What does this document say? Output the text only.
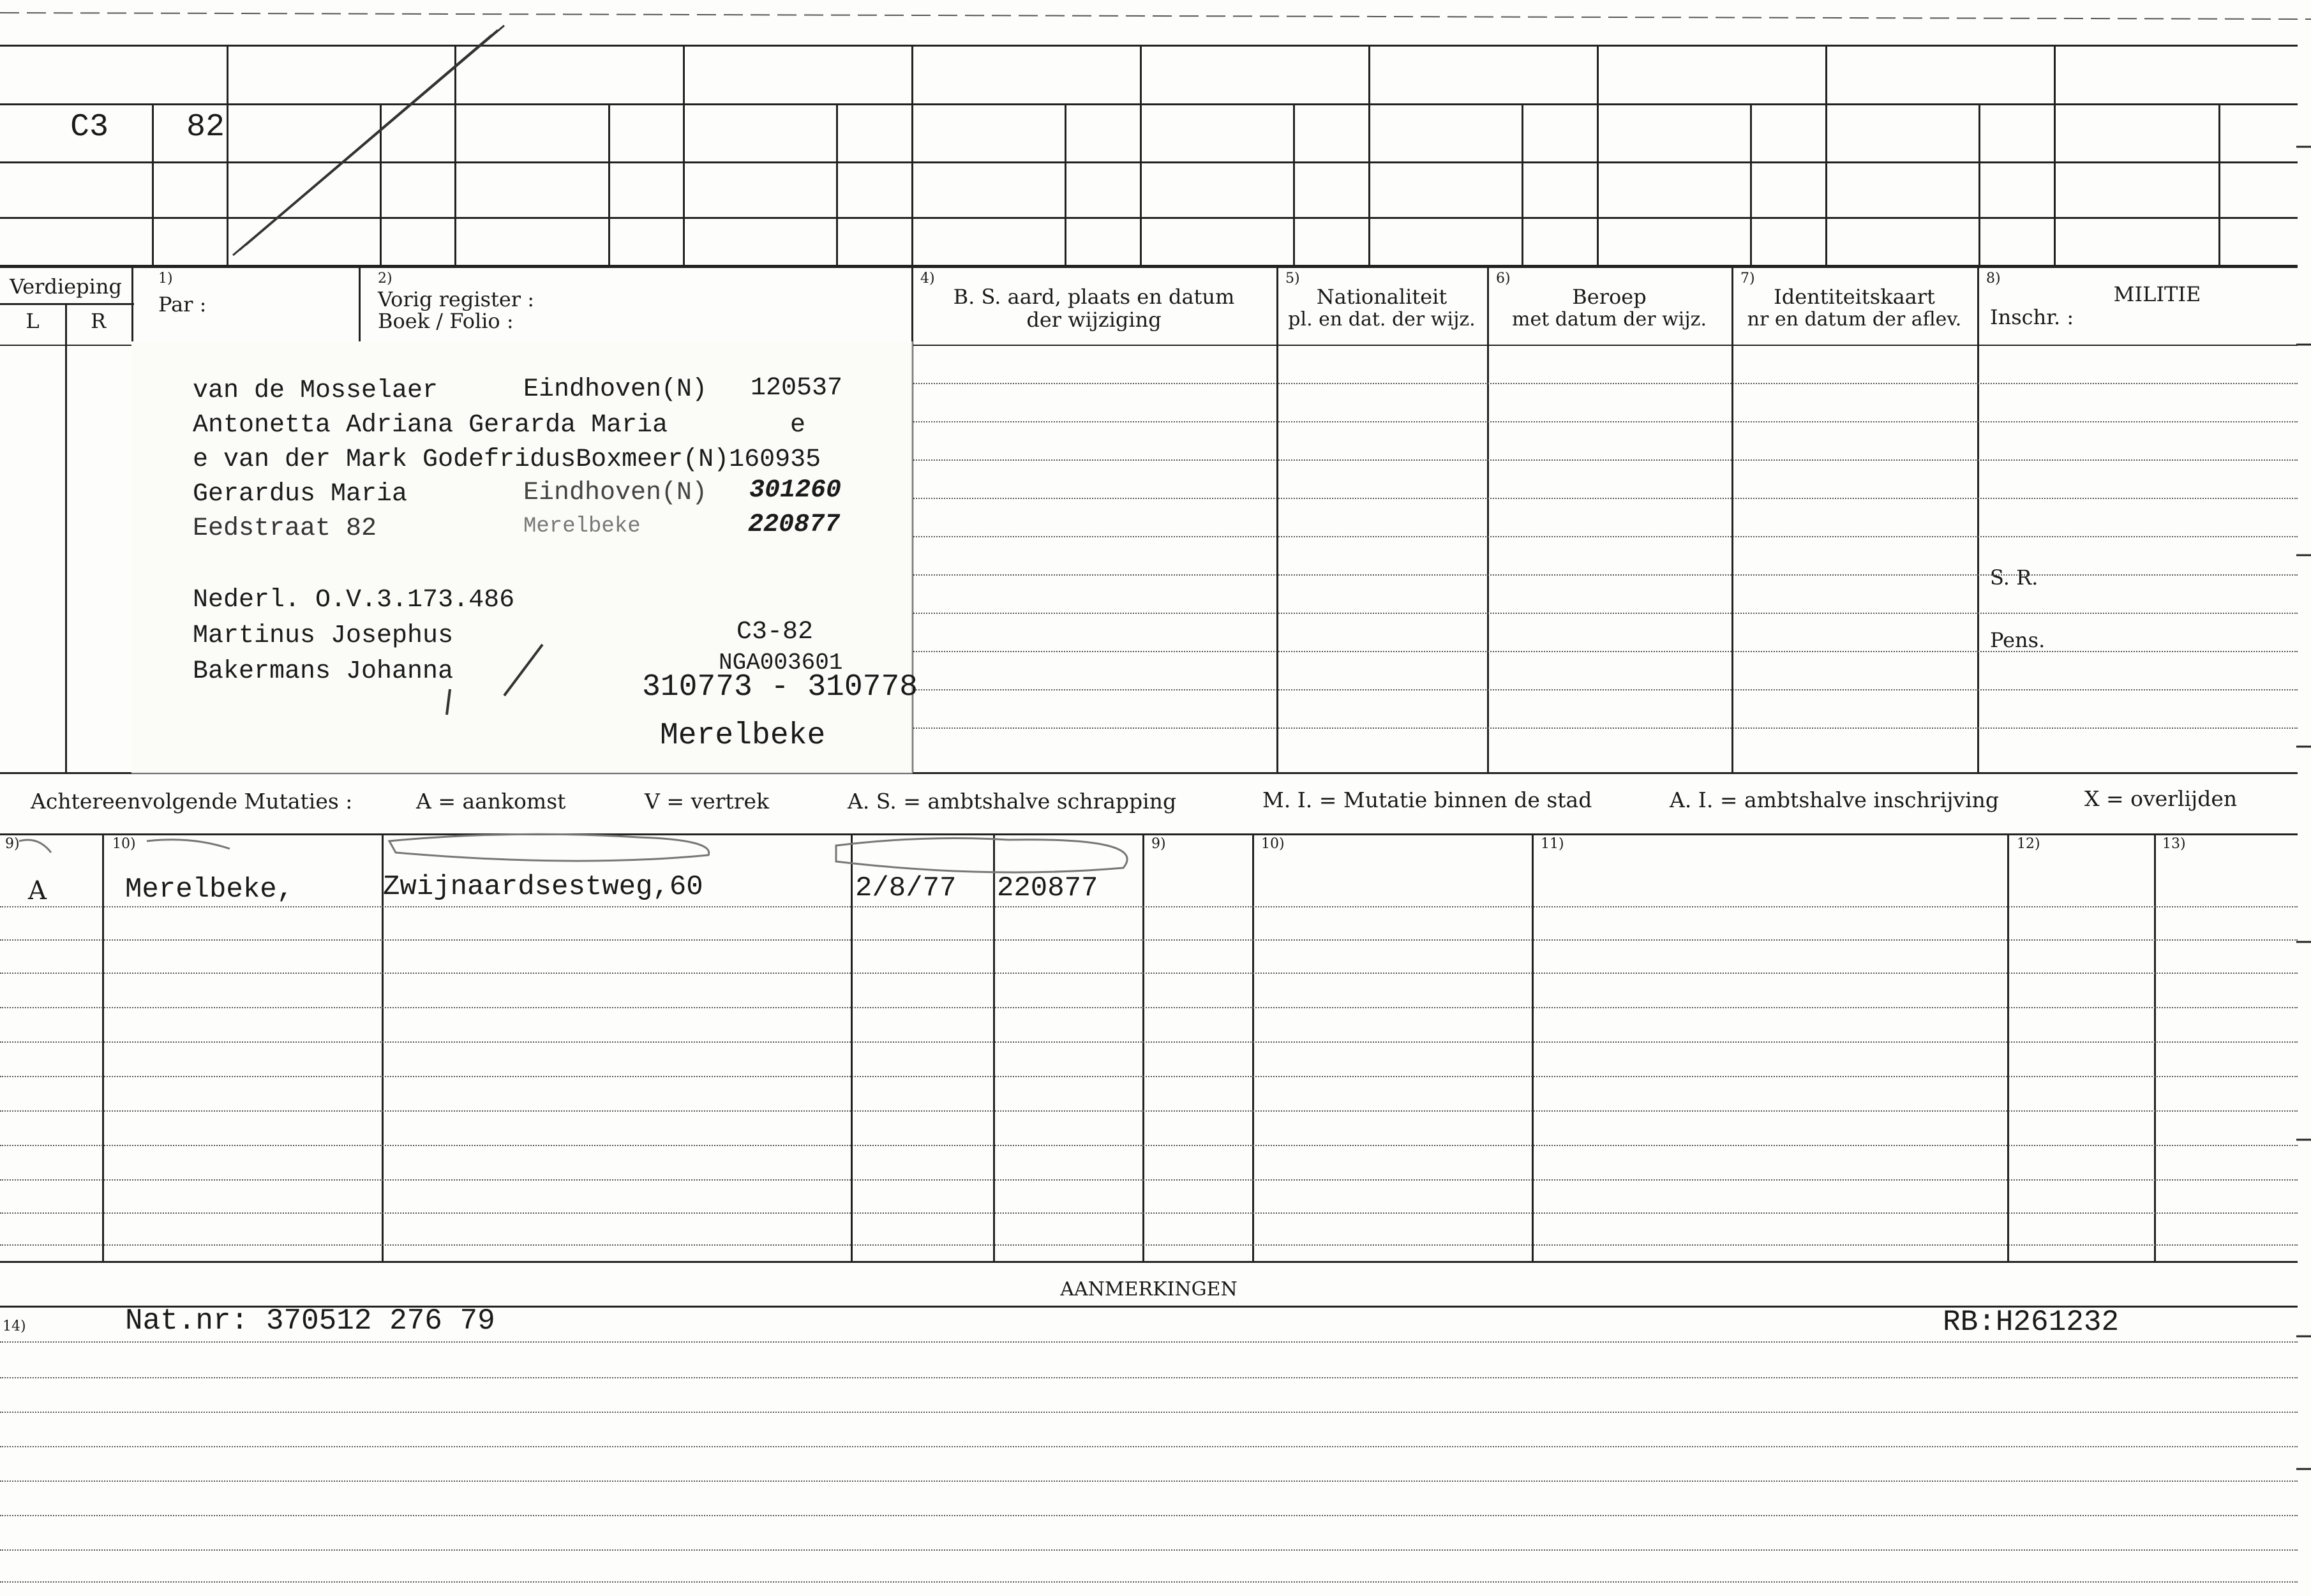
C3 82
Verdieping
L	R
1)
Par :
2)
Vorig register :
Boek / Folio :
4)
B. S. aard, plaats en datum
der wijziging
5)
Nationaliteit
pl. en dat. der wijz.
6)
Beroep
met datum der wijz.
7)
Identiteitskaart
nr en datum der aflev.
8)
MILITIE
Inschr. :
S. R.
Pens.
van de Mosselaer	Eindhoven(N) 120537
Antonetta Adriana Gerarda Maria	e
e van der Mark GodefridusBoxmeer(N)160935
Gerardus Maria	Eindhoven(N) 301260
Eedstraat 82	Merelbeke	220877
Nederl. O.V.3.173.486
Martinus Josephus
Bakermans Johanna
C3-82
NGA003601
310773 - 310778
Merelbeke
Achtereenvolgende Mutaties :	A = aankomst	V = vertrek	A. S. = ambtshalve schrapping	M. I. = Mutatie binnen de stad	A. I. = ambtshalve inschrijving	X = overlijden
9)	10)	9)	10)	11)	12)	13)
A	Merelbeke,	Zwijnaardsestweg,60	2/8/77 220877
AANMERKINGEN
14)	Nat.nr: 370512 276 79	RB:H261232
